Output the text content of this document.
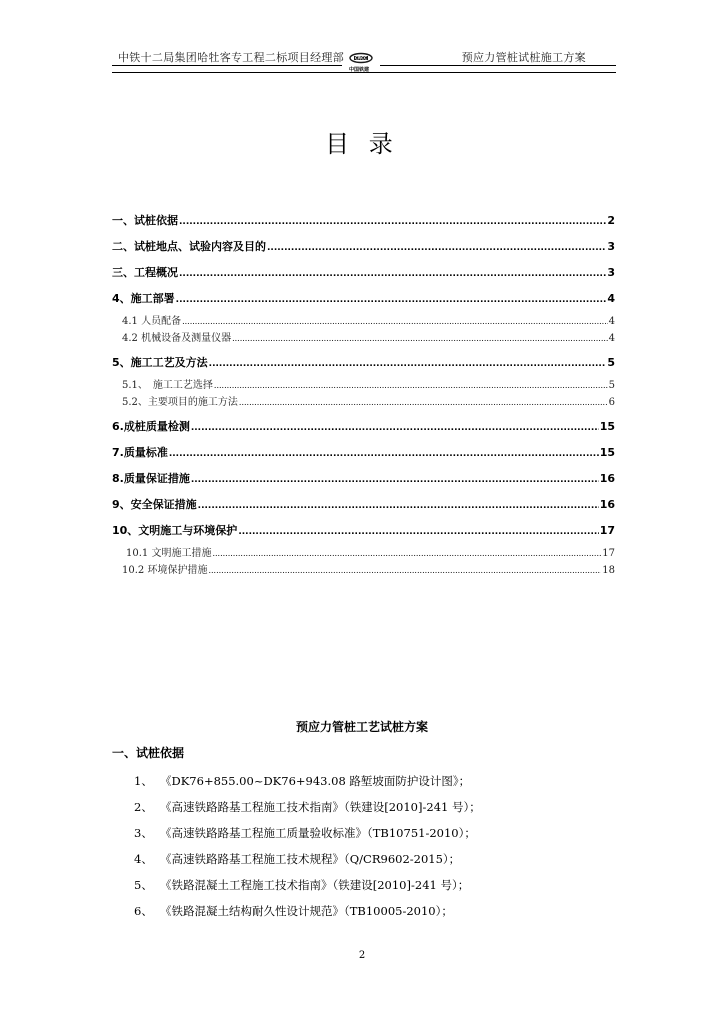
中铁十二局集团哈牡客专工程二标项目经理部	CRCC
中国铁建
预应力管桩试桩施工方案
目 录
一、试桩依据 .....	2
二、试桩地点、试验内容及目的 .....	3
三、工程概况 .....	3
4、施工部署 .....	4
4.1 人员配备 .....	4
4.2 机械设备及测量仪器 .....	4
5、施工工艺及方法 .....	5
5.1、　施工工艺选择 .....	5
5.2、主要项目的施工方法 .....	6
6.成桩质量检测 .....	15
7.质量标准 .....	15
8.质量保证措施 .....	16
9、安全保证措施 .....	16
10、文明施工与环境保护 .....	17
10.1 文明施工措施 .....	17
10.2 环境保护措施 .....	18
预应力管桩工艺试桩方案
一、试桩依据
1、 《DK76+855.00~DK76+943.08 路堑坡面防护设计图》；
2、 《高速铁路路基工程施工技术指南》（铁建设[2010]-241 号）；
3、 《高速铁路路基工程施工质量验收标准》（TB10751-2010）；
4、 《高速铁路路基工程施工技术规程》（Q/CR9602-2015）；
5、 《铁路混凝土工程施工技术指南》（铁建设[2010]-241 号）；
6、 《铁路混凝土结构耐久性设计规范》（TB10005-2010）；
2
